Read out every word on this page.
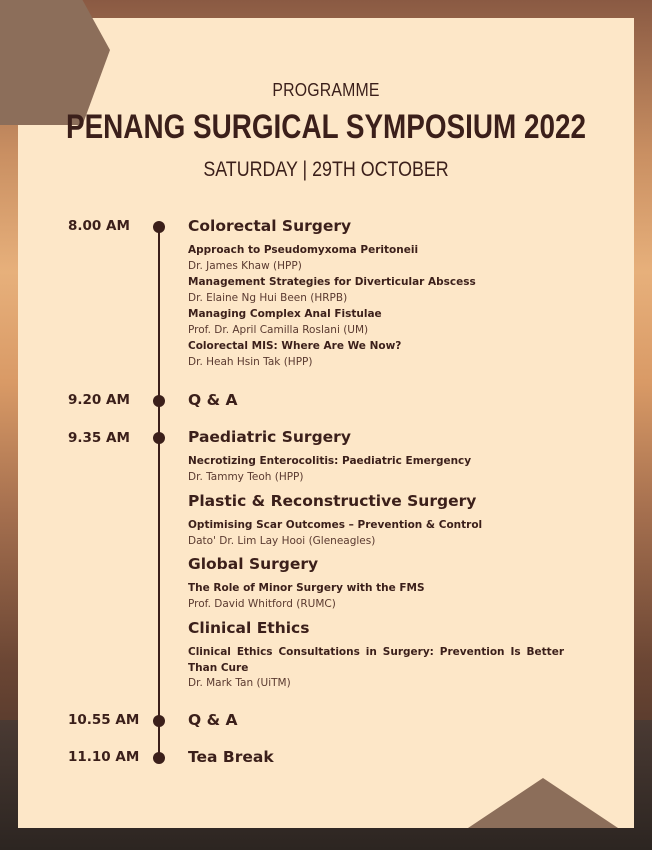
PROGRAMME
PENANG SURGICAL SYMPOSIUM 2022
SATURDAY | 29TH OCTOBER
8.00 AM	Colorectal Surgery
Approach to Pseudomyxoma Peritoneii
Dr. James Khaw (HPP)
Management Strategies for Diverticular Abscess
Dr. Elaine Ng Hui Been (HRPB)
Managing Complex Anal Fistulae
Prof. Dr. April Camilla Roslani (UM)
Colorectal MIS: Where Are We Now?
Dr. Heah Hsin Tak (HPP)
9.20 AM	Q & A
9.35 AM	Paediatric Surgery
Necrotizing Enterocolitis: Paediatric Emergency
Dr. Tammy Teoh (HPP)
Plastic & Reconstructive Surgery
Optimising Scar Outcomes – Prevention & Control
Dato' Dr. Lim Lay Hooi (Gleneagles)
Global Surgery
The Role of Minor Surgery with the FMS
Prof. David Whitford (RUMC)
Clinical Ethics
Clinical Ethics Consultations in Surgery: Prevention Is Better Than Cure
Dr. Mark Tan (UiTM)
10.55 AM	Q & A
11.10 AM	Tea Break
